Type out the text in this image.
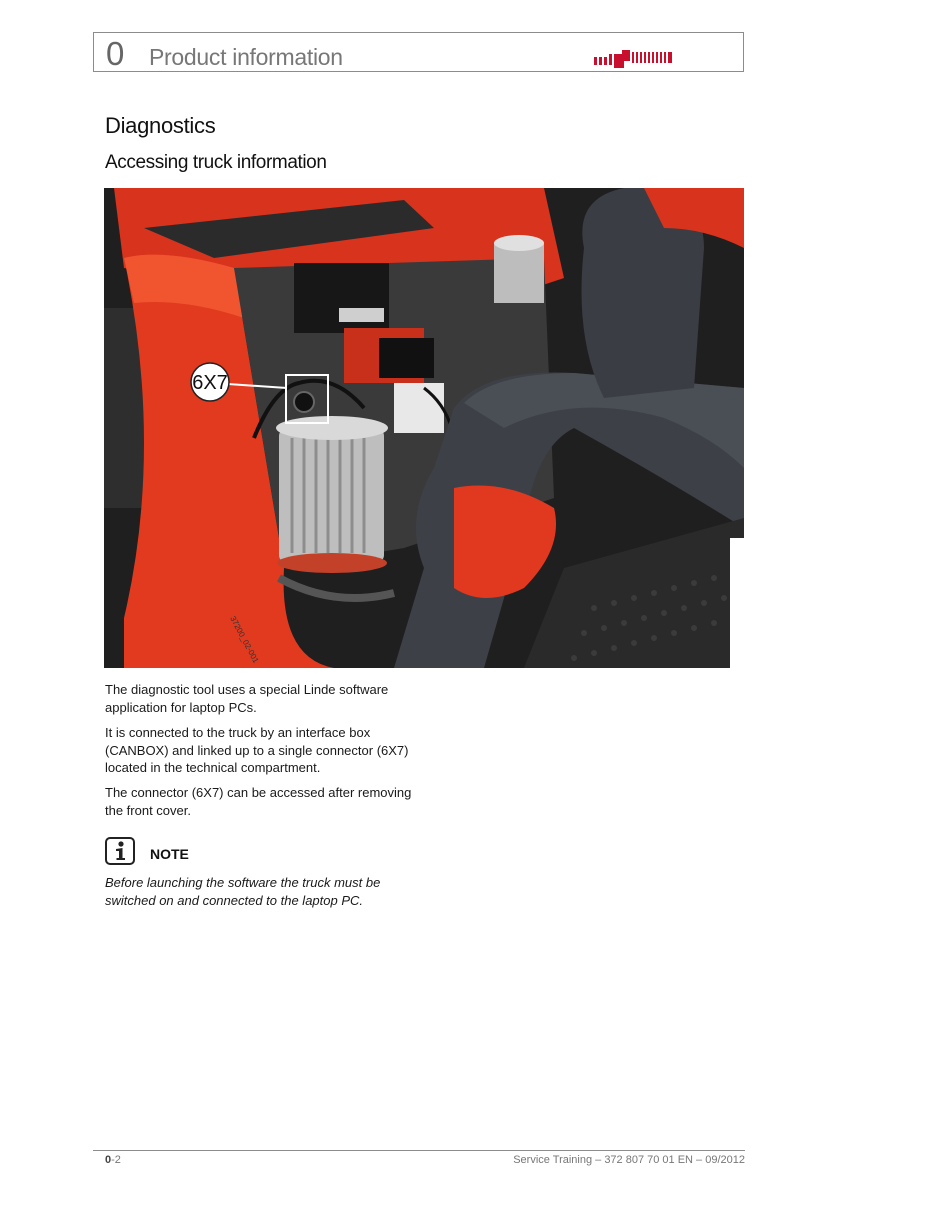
0 Product information
Diagnostics
Accessing truck information
6X7
37200_02-001

The diagnostic tool uses a special Linde software application for laptop PCs.

It is connected to the truck by an interface box (CANBOX) and linked up to a single connector (6X7) located in the technical compartment.

The connector (6X7) can be accessed after removing the front cover.

NOTE

Before launching the software the truck must be switched on and connected to the laptop PC.

0-2	Service Training – 372 807 70 01 EN – 09/2012
